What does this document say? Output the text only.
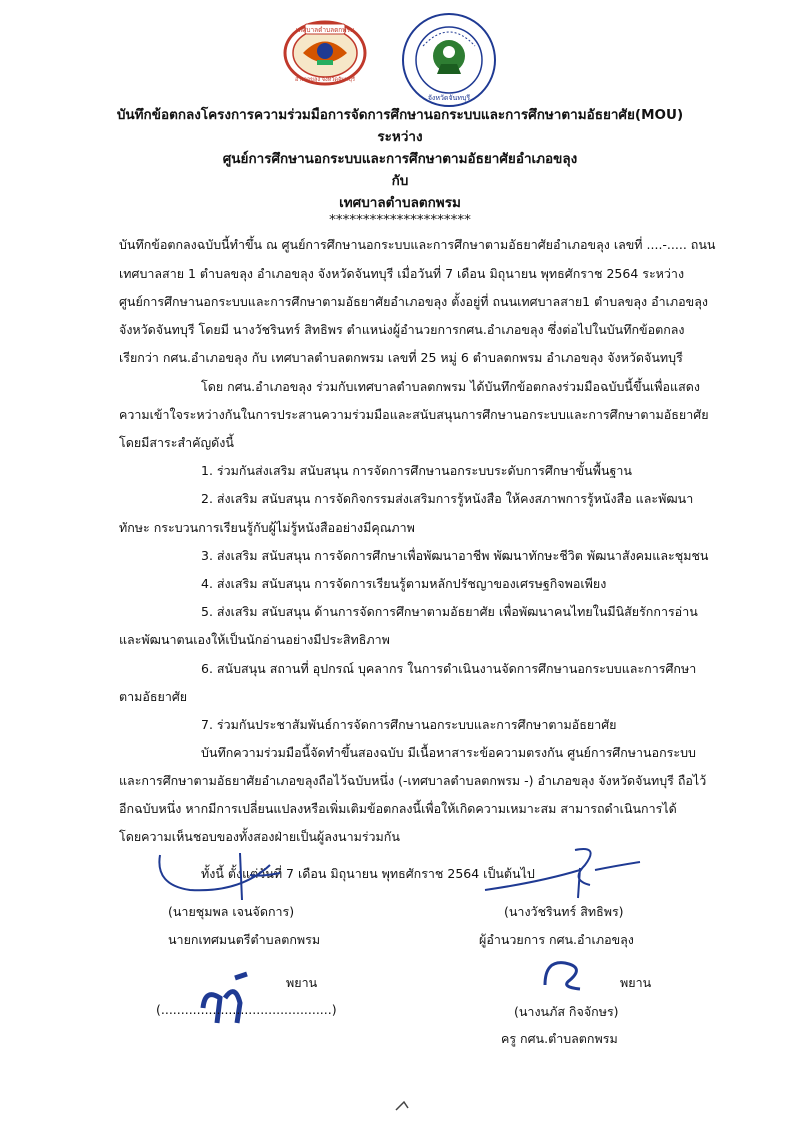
เทศบาลตำบลตกพรม
อำเภอขลุง จังหวัดจันทบุรี
จังหวัดจันทบุรี
บันทึกข้อตกลงโครงการความร่วมมือการจัดการศึกษานอกระบบและการศึกษาตามอัธยาศัย(MOU)
ระหว่าง
ศูนย์การศึกษานอกระบบและการศึกษาตามอัธยาศัยอำเภอขลุง
กับ
เทศบาลตำบลตกพรม
*********************
บันทึกข้อตกลงฉบับนี้ทำขึ้น ณ ศูนย์การศึกษานอกระบบและการศึกษาตามอัธยาศัยอำเภอขลุง เลขที่ ....-..... ถนน
เทศบาลสาย 1 ตำบลขลุง อำเภอขลุง จังหวัดจันทบุรี เมื่อวันที่ 7 เดือน มิถุนายน พุทธศักราช 2564 ระหว่าง
ศูนย์การศึกษานอกระบบและการศึกษาตามอัธยาศัยอำเภอขลุง ตั้งอยู่ที่ ถนนเทศบาลสาย1 ตำบลขลุง อำเภอขลุง
จังหวัดจันทบุรี โดยมี นางวัชรินทร์ สิทธิพร ตำแหน่งผู้อำนวยการกศน.อำเภอขลุง ซึ่งต่อไปในบันทึกข้อตกลง
เรียกว่า กศน.อำเภอขลุง กับ เทศบาลตำบลตกพรม เลขที่ 25 หมู่ 6 ตำบลตกพรม อำเภอขลุง จังหวัดจันทบุรี
โดย กศน.อำเภอขลุง ร่วมกับเทศบาลตำบลตกพรม ได้บันทึกข้อตกลงร่วมมือฉบับนี้ขึ้นเพื่อแสดง
ความเข้าใจระหว่างกันในการประสานความร่วมมือและสนับสนุนการศึกษานอกระบบและการศึกษาตามอัธยาศัย
โดยมีสาระสำคัญดังนี้
1. ร่วมกันส่งเสริม สนับสนุน การจัดการศึกษานอกระบบระดับการศึกษาขั้นพื้นฐาน
2. ส่งเสริม สนับสนุน การจัดกิจกรรมส่งเสริมการรู้หนังสือ ให้คงสภาพการรู้หนังสือ และพัฒนา
ทักษะ กระบวนการเรียนรู้กับผู้ไม่รู้หนังสืออย่างมีคุณภาพ
3. ส่งเสริม สนับสนุน การจัดการศึกษาเพื่อพัฒนาอาชีพ พัฒนาทักษะชีวิต พัฒนาสังคมและชุมชน
4. ส่งเสริม สนับสนุน การจัดการเรียนรู้ตามหลักปรัชญาของเศรษฐกิจพอเพียง
5. ส่งเสริม สนับสนุน ด้านการจัดการศึกษาตามอัธยาศัย เพื่อพัฒนาคนไทยในมีนิสัยรักการอ่าน
และพัฒนาตนเองให้เป็นนักอ่านอย่างมีประสิทธิภาพ
6. สนับสนุน สถานที่ อุปกรณ์ บุคลากร ในการดำเนินงานจัดการศึกษานอกระบบและการศึกษา
ตามอัธยาศัย
7. ร่วมกันประชาสัมพันธ์การจัดการศึกษานอกระบบและการศึกษาตามอัธยาศัย
บันทึกความร่วมมือนี้จัดทำขึ้นสองฉบับ มีเนื้อหาสาระข้อความตรงกัน ศูนย์การศึกษานอกระบบ
และการศึกษาตามอัธยาศัยอำเภอขลุงถือไว้ฉบับหนึ่ง (-เทศบาลตำบลตกพรม -) อำเภอขลุง จังหวัดจันทบุรี ถือไว้
อีกฉบับหนึ่ง หากมีการเปลี่ยนแปลงหรือเพิ่มเติมข้อตกลงนี้เพื่อให้เกิดความเหมาะสม สามารถดำเนินการได้
โดยความเห็นชอบของทั้งสองฝ่ายเป็นผู้ลงนามร่วมกัน
ทั้งนี้ ตั้งแต่วันที่ 7 เดือน มิถุนายน พุทธศักราช 2564 เป็นต้นไป
(นายชุมพล เจนจัดการ)
นายกเทศมนตรีตำบลตกพรม
(นางวัชรินทร์ สิทธิพร)
ผู้อำนวยการ กศน.อำเภอขลุง
พยาน
(...........................................)
พยาน
(นางนภัส กิจจักษร)
ครู กศน.ตำบลตกพรม
